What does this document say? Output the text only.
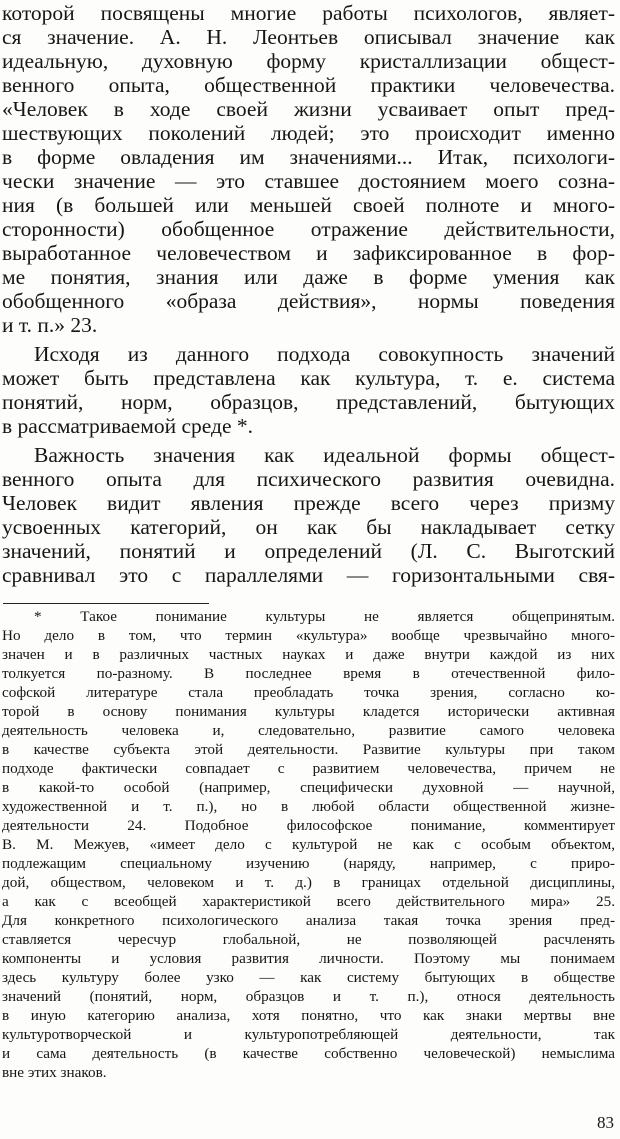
которой посвящены многие работы психологов, являет-
ся значение. А. Н. Леонтьев описывал значение как
идеальную, духовную форму кристаллизации общест-
венного опыта, общественной практики человечества.
«Человек в ходе своей жизни усваивает опыт пред-
шествующих поколений людей; это происходит именно
в форме овладения им значениями... Итак, психологи-
чески значение — это ставшее достоянием моего созна-
ния (в большей или меньшей своей полноте и много-
сторонности) обобщенное отражение действительности,
выработанное человечеством и зафиксированное в фор-
ме понятия, знания или даже в форме умения как
обобщенного «образа действия», нормы поведения
и т. п.» 23.
Исходя из данного подхода совокупность значений
может быть представлена как культура, т. е. система
понятий, норм, образцов, представлений, бытующих
в рассматриваемой среде *.
Важность значения как идеальной формы общест-
венного опыта для психического развития очевидна.
Человек видит явления прежде всего через призму
усвоенных категорий, он как бы накладывает сетку
значений, понятий и определений (Л. С. Выготский
сравнивал это с параллелями — горизонтальными свя-
* Такое понимание культуры не является общепринятым.
Но дело в том, что термин «культура» вообще чрезвычайно много-
значен и в различных частных науках и даже внутри каждой из них
толкуется по-разному. В последнее время в отечественной фило-
софской литературе стала преобладать точка зрения, согласно ко-
торой в основу понимания культуры кладется исторически активная
деятельность человека и, следовательно, развитие самого человека
в качестве субъекта этой деятельности. Развитие культуры при таком
подходе фактически совпадает с развитием человечества, причем не
в какой-то особой (например, специфически духовной — научной,
художественной и т. п.), но в любой области общественной жизне-
деятельности 24. Подобное философское понимание, комментирует
В. М. Межуев, «имеет дело с культурой не как с особым объектом,
подлежащим специальному изучению (наряду, например, с приро-
дой, обществом, человеком и т. д.) в границах отдельной дисциплины,
а как с всеобщей характеристикой всего действительного мира» 25.
Для конкретного психологического анализа такая точка зрения пред-
ставляется чересчур глобальной, не позволяющей расчленять
компоненты и условия развития личности. Поэтому мы понимаем
здесь культуру более узко — как систему бытующих в обществе
значений (понятий, норм, образцов и т. п.), относя деятельность
в иную категорию анализа, хотя понятно, что как знаки мертвы вне
культуротворческой и культуропотребляющей деятельности, так
и сама деятельность (в качестве собственно человеческой) немыслима
вне этих знаков.
83
